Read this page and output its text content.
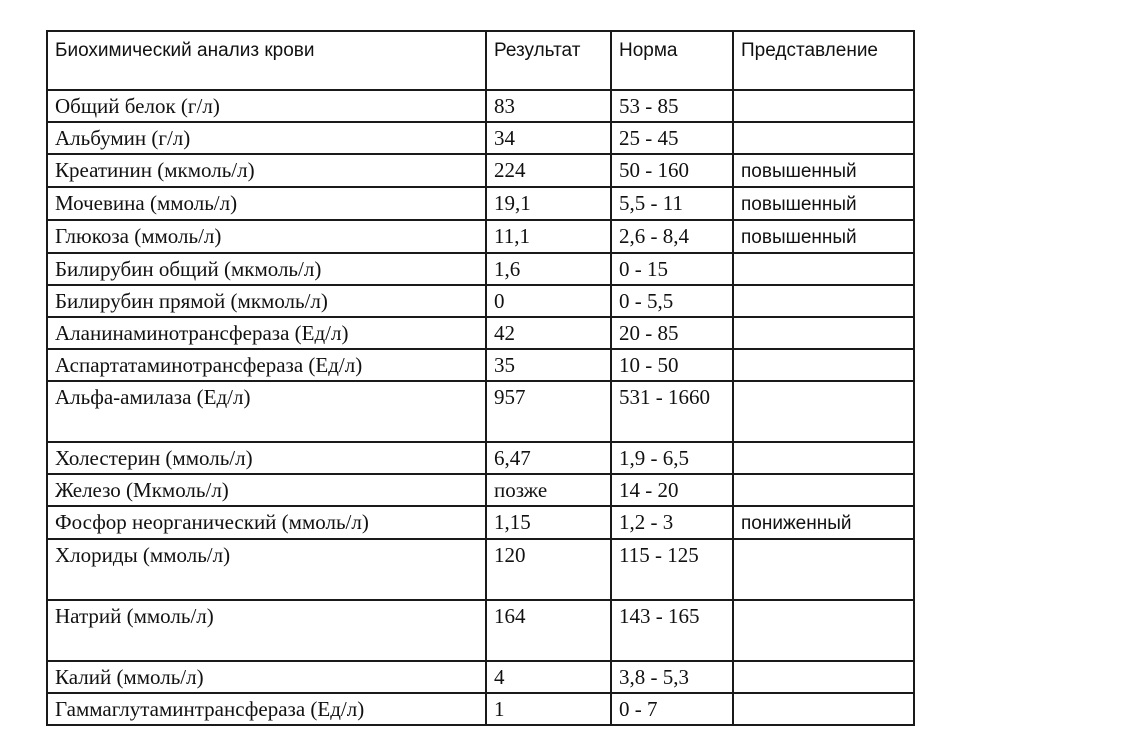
Биохимический анализ крови	Результат	Норма	Представление
Общий белок (г/л)	83	53 - 85	
Альбумин (г/л)	34	25 - 45	
Креатинин (мкмоль/л)	224	50 - 160	повышенный
Мочевина (ммоль/л)	19,1	5,5 - 11	повышенный
Глюкоза (ммоль/л)	11,1	2,6 - 8,4	повышенный
Билирубин общий (мкмоль/л)	1,6	0 - 15	
Билирубин прямой (мкмоль/л)	0	0 - 5,5	
Аланинаминотрансфераза (Ед/л)	42	20 - 85	
Аспартатаминотрансфераза (Ед/л)	35	10 - 50	
Альфа-амилаза (Ед/л)	957	531 - 1660	
Холестерин (ммоль/л)	6,47	1,9 - 6,5	
Железо (Мкмоль/л)	позже	14 - 20	
Фосфор неорганический (ммоль/л)	1,15	1,2 - 3	пониженный
Хлориды (ммоль/л)	120	115 - 125	
Натрий (ммоль/л)	164	143 - 165	
Калий (ммоль/л)	4	3,8 - 5,3	
Гаммаглутаминтрансфераза (Ед/л)	1	0 - 7	
